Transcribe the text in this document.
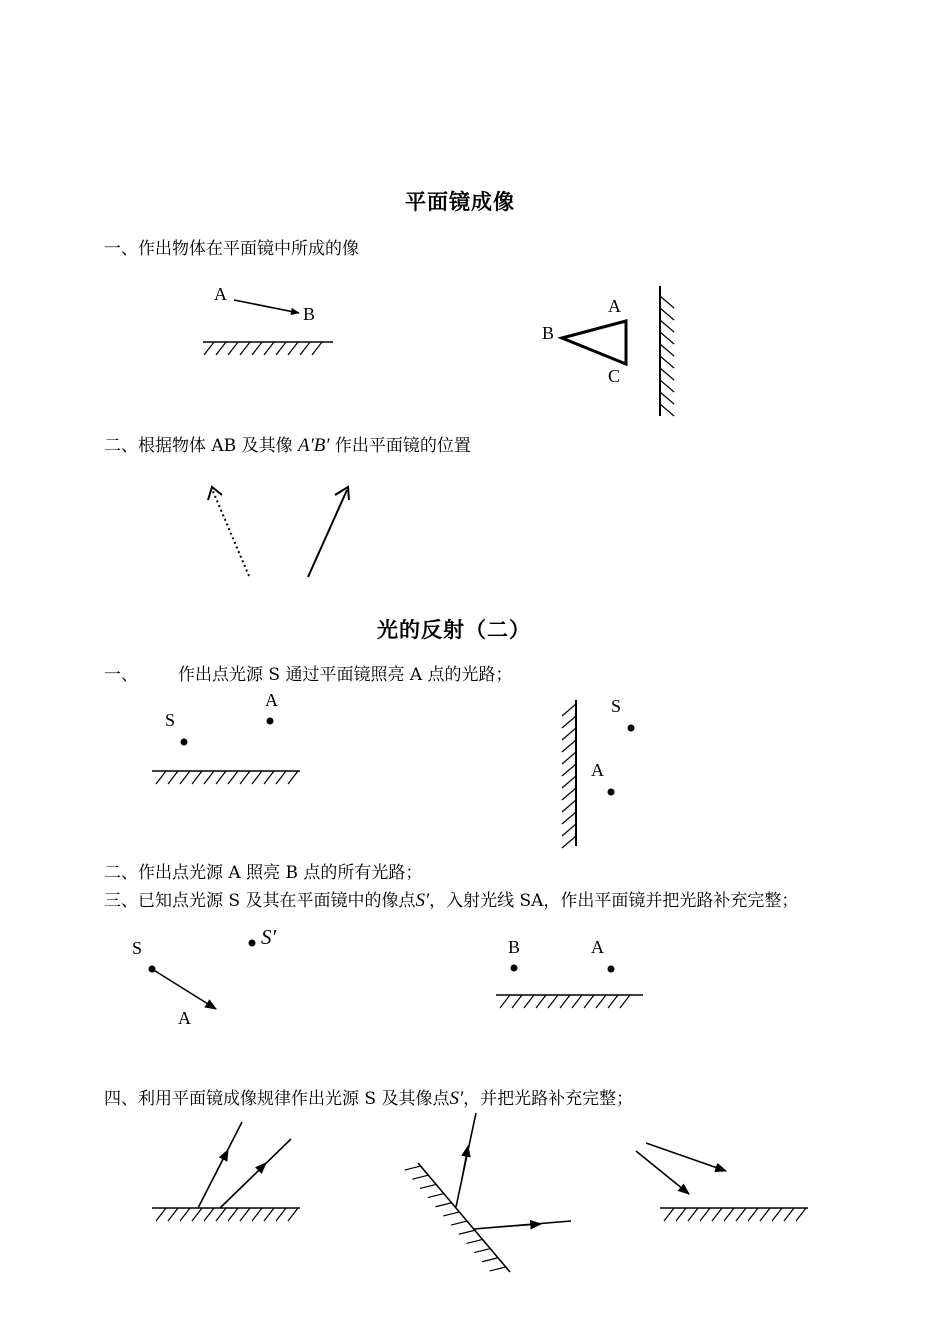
平面镜成像
一、作出物体在平面镜中所成的像
二、根据物体 AB 及其像 A′B′ 作出平面镜的位置
光的反射（二）
一、 作出点光源 S 通过平面镜照亮 A 点的光路；
二、作出点光源 A 照亮 B 点的所有光路；
三、已知点光源 S 及其在平面镜中的像点S′，入射光线 SA，作出平面镜并把光路补充完整；
四、利用平面镜成像规律作出光源 S 及其像点S′，并把光路补充完整；
A
B	A
B
C
S
A	S
A
S	S′
A
B	A
